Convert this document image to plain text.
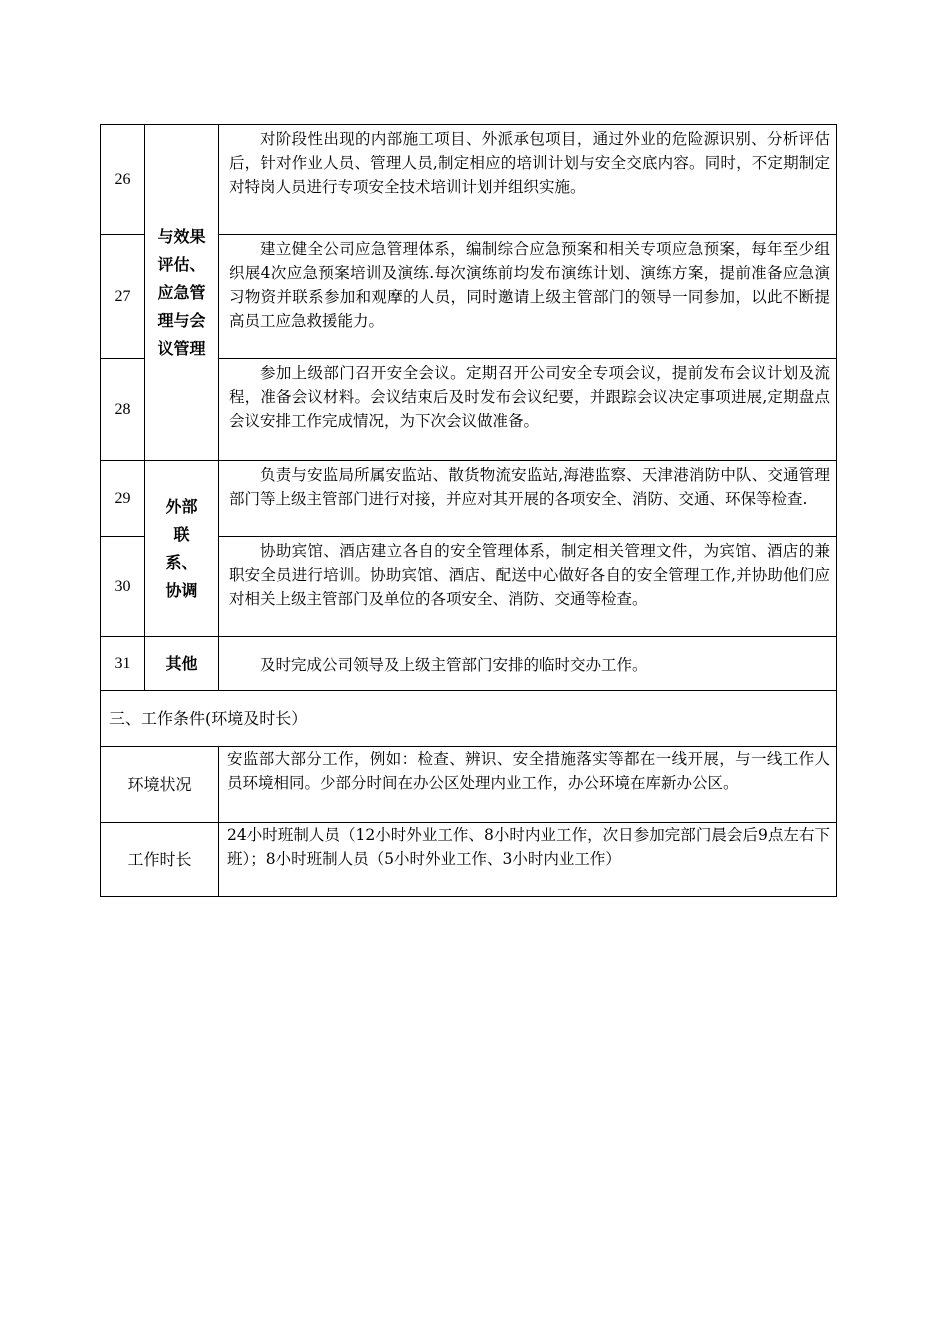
26	与效果
评估、
应急管
理与会
议管理	对阶段性出现的内部施工项目、外派承包项目，通过外业的危险源识别、分析评估后，针对作业人员、管理人员,制定相应的培训计划与安全交底内容。同时，不定期制定对特岗人员进行专项安全技术培训计划并组织实施。
27		建立健全公司应急管理体系，编制综合应急预案和相关专项应急预案，每年至少组织展4次应急预案培训及演练.每次演练前均发布演练计划、演练方案，提前准备应急演习物资并联系参加和观摩的人员，同时邀请上级主管部门的领导一同参加，以此不断提高员工应急救援能力。
28		参加上级部门召开安全会议。定期召开公司安全专项会议，提前发布会议计划及流程，准备会议材料。会议结束后及时发布会议纪要，并跟踪会议决定事项进展,定期盘点会议安排工作完成情况，为下次会议做准备。
29	外部
联
系、
协调	负责与安监局所属安监站、散货物流安监站,海港监察、天津港消防中队、交通管理部门等上级主管部门进行对接，并应对其开展的各项安全、消防、交通、环保等检查.
30		协助宾馆、酒店建立各自的安全管理体系，制定相关管理文件，为宾馆、酒店的兼职安全员进行培训。协助宾馆、酒店、配送中心做好各自的安全管理工作,并协助他们应对相关上级主管部门及单位的各项安全、消防、交通等检查。
31	其他	及时完成公司领导及上级主管部门安排的临时交办工作。
三、工作条件(环境及时长）		
环境状况		安监部大部分工作，例如：检查、辨识、安全措施落实等都在一线开展，与一线工作人员环境相同。少部分时间在办公区处理内业工作，办公环境在库新办公区。
工作时长		24小时班制人员（12小时外业工作、8小时内业工作，次日参加完部门晨会后9点左右下班）；8小时班制人员（5小时外业工作、3小时内业工作）
